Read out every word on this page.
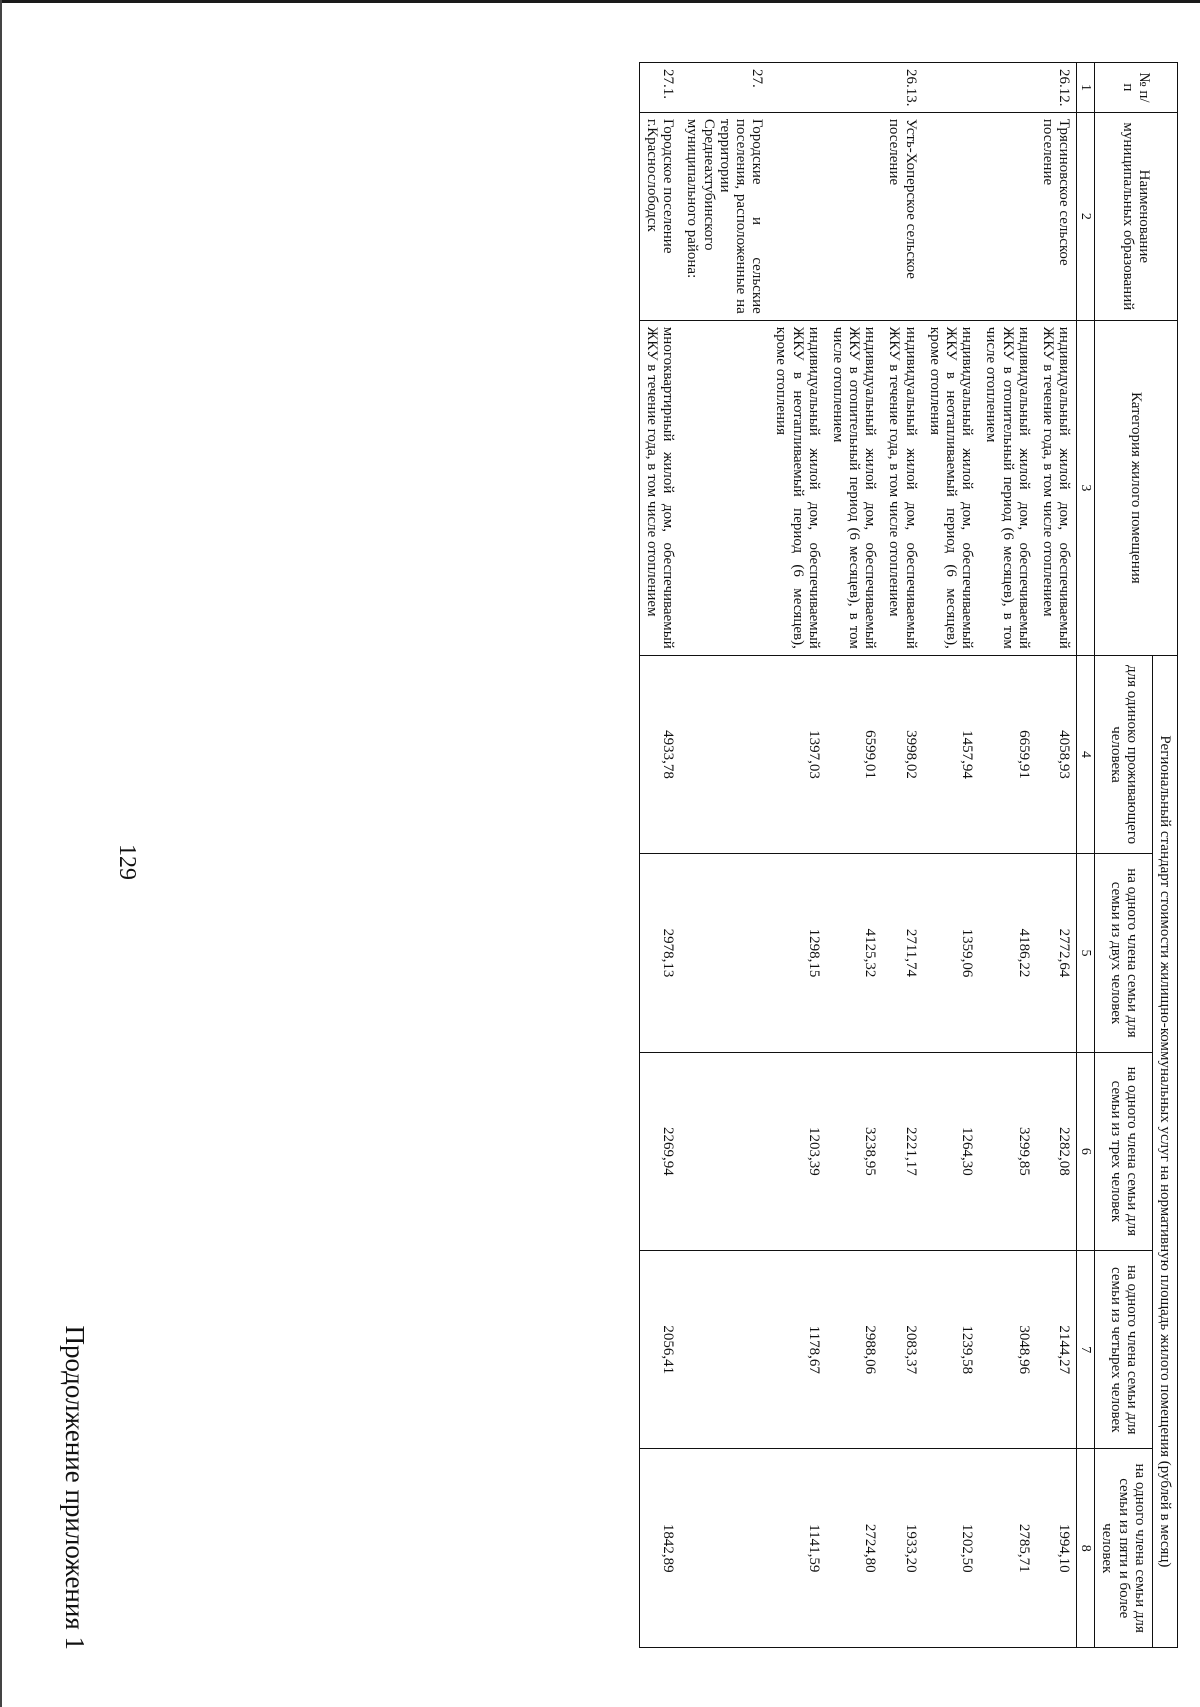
129
Продолжение приложения 1
№ п/п	Наименование муниципальных образований	Категория жилого помещения	Региональный стандарт стоимости жилищно-коммунальных услуг на нормативную площадь жилого помещения (рублей в месяц)				
			для одиноко проживающего человека	на одного члена семьи для семьи из двух человек	на одного члена семьи для семьи из трех человек	на одного члена семьи для семьи из четырех человек	на одного члена семьи для семьи из пяти и более человек
1	2	3	4	5	6	7	8
26.12.	Трясиновское сельское поселение	индивидуальный жилой дом, обеспечиваемый ЖКУ в течение года, в том числе отоплением	4058,93	2772,64	2282,08	2144,27	1994,10
		индивидуальный жилой дом, обеспечиваемый ЖКУ в отопительный период (6 месяцев), в том числе отоплением	6659,91	4186,22	3299,85	3048,96	2785,71
		индивидуальный жилой дом, обеспечиваемый ЖКУ в неотапливаемый период (6 месяцев), кроме отопления	1457,94	1359,06	1264,30	1239,58	1202,50
26.13.	Усть-Хоперское сельское поселение	индивидуальный жилой дом, обеспечиваемый ЖКУ в течение года, в том числе отоплением	3998,02	2711,74	2221,17	2083,37	1933,20
		индивидуальный жилой дом, обеспечиваемый ЖКУ в отопительный период (6 месяцев), в том числе отоплением	6599,01	4125,32	3238,95	2988,06	2724,80
		индивидуальный жилой дом, обеспечиваемый ЖКУ в неотапливаемый период (6 месяцев), кроме отопления	1397,03	1298,15	1203,39	1178,67	1141,59
27.	Городские и сельские поселения, расположенные на территории Среднеахтубинского муниципального района:						
27.1.	Городское поселение г.Краснослободск	многоквартирный жилой дом, обеспечиваемый ЖКУ в течение года, в том числе отоплением	4933,78	2978,13	2269,94	2056,41	1842,89
